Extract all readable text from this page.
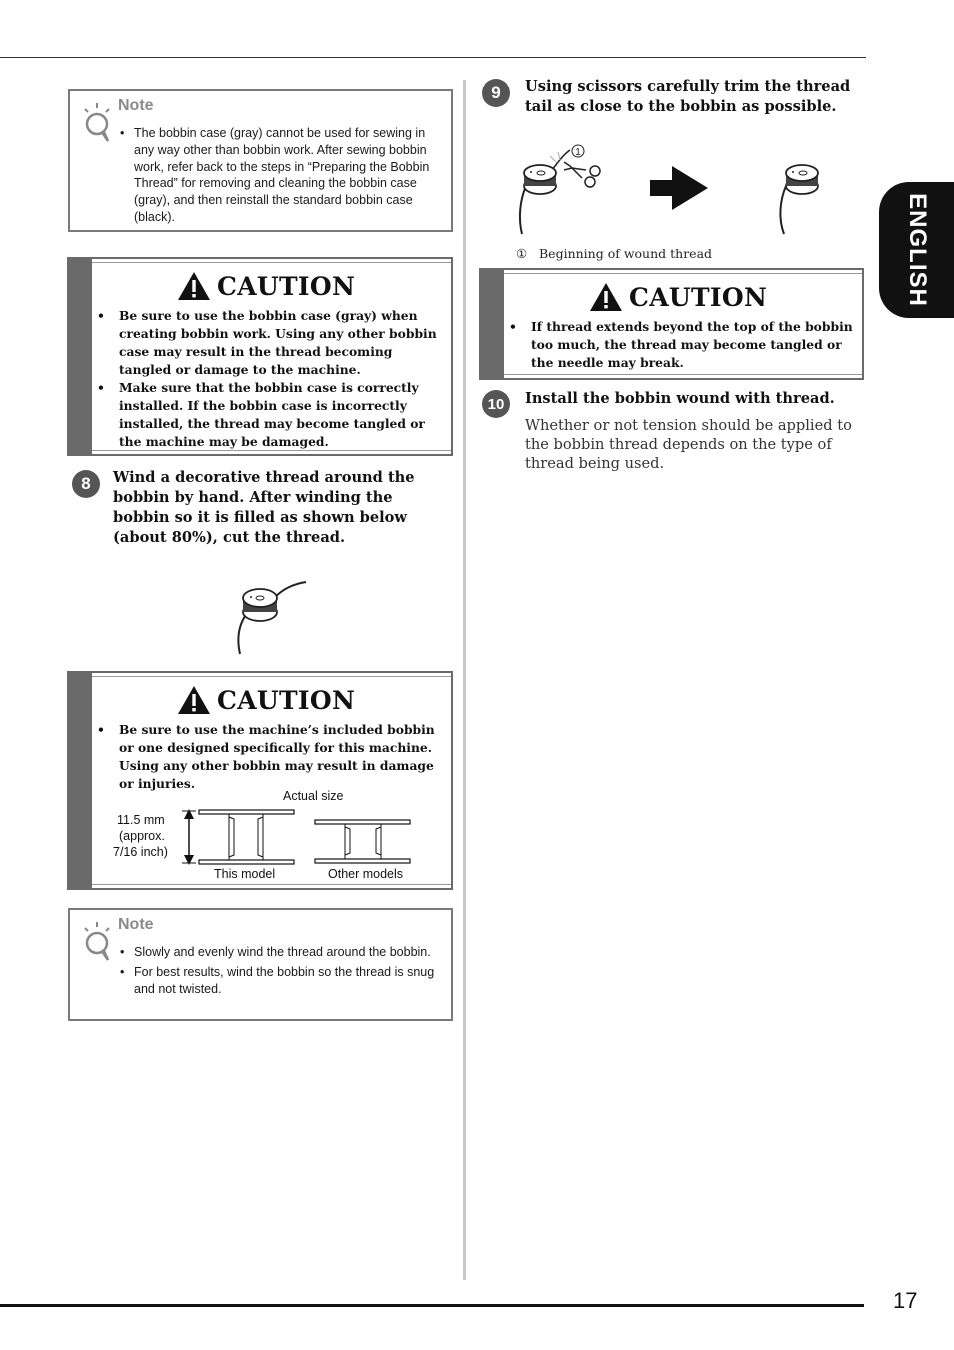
ENGLISH
17
Note
• The bobbin case (gray) cannot be used for sewing in any way other than bobbin work. After sewing bobbin work, refer back to the steps in “Preparing the Bobbin Thread” for removing and cleaning the bobbin case (gray), and then reinstall the standard bobbin case (black).
CAUTION
• Be sure to use the bobbin case (gray) when creating bobbin work. Using any other bobbin case may result in the thread becoming tangled or damage to the machine.
• Make sure that the bobbin case is correctly installed. If the bobbin case is incorrectly installed, the thread may become tangled or the machine may be damaged.
8	Wind a decorative thread around the bobbin by hand. After winding the bobbin so it is filled as shown below (about 80%), cut the thread.
CAUTION
• Be sure to use the machine’s included bobbin or one designed specifically for this machine. Using any other bobbin may result in damage or injuries.
Actual size
11.5 mm
(approx.
7/16 inch)
This model	Other models
Note
• Slowly and evenly wind the thread around the bobbin.
• For best results, wind the bobbin so the thread is snug and not twisted.
9	Using scissors carefully trim the thread tail as close to the bobbin as possible.
1
① Beginning of wound thread
CAUTION
• If thread extends beyond the top of the bobbin too much, the thread may become tangled or the needle may break.
10	Install the bobbin wound with thread.
Whether or not tension should be applied to the bobbin thread depends on the type of thread being used.
